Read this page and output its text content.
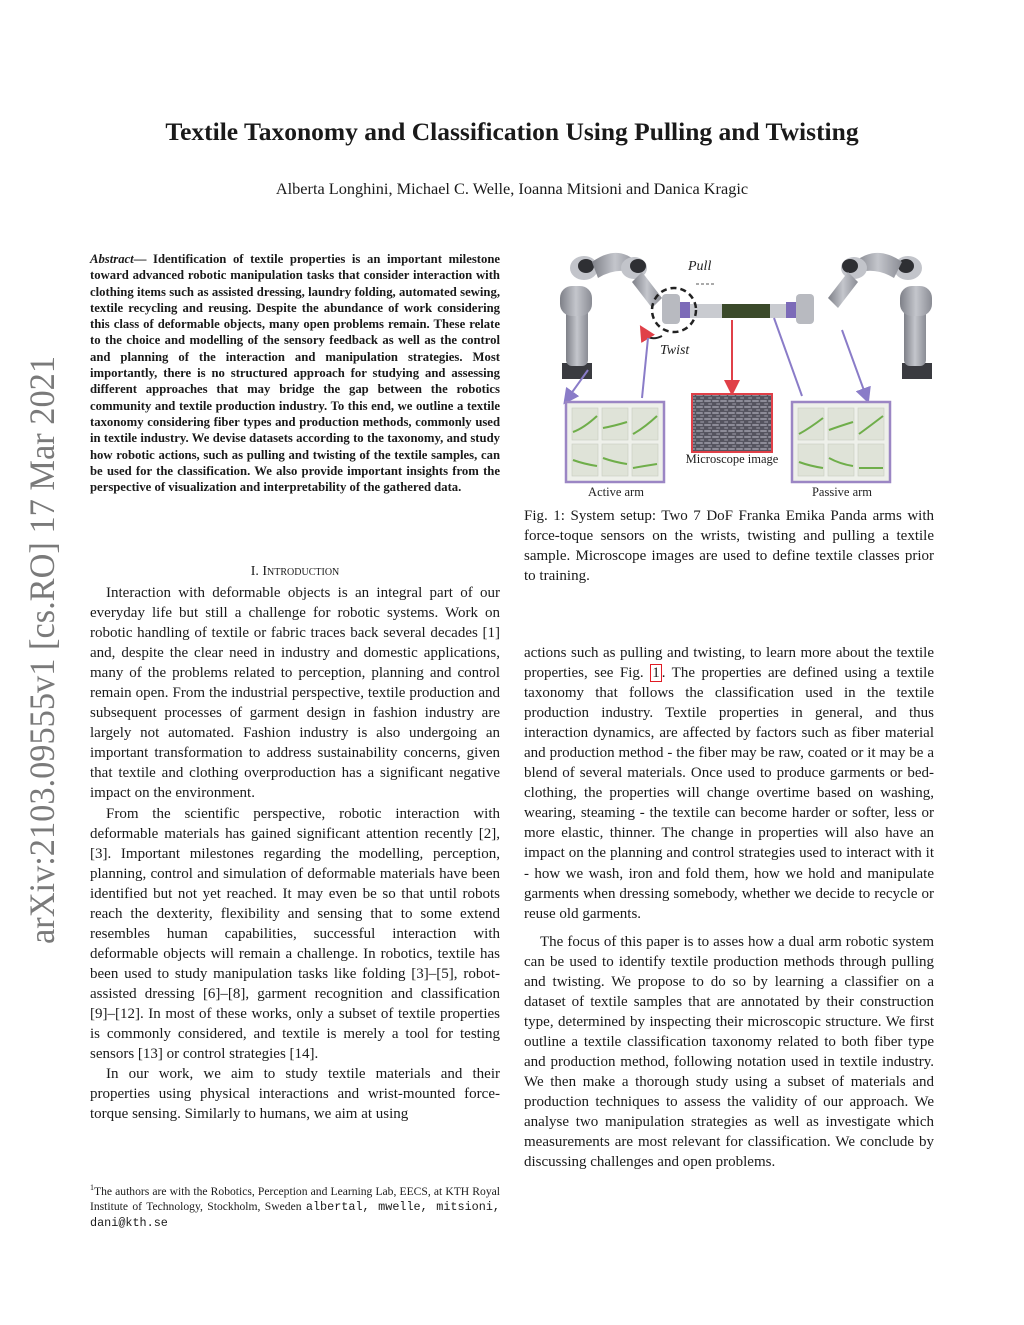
arXiv:2103.09555v1 [cs.RO] 17 Mar 2021
Textile Taxonomy and Classification Using Pulling and Twisting

Alberta Longhini, Michael C. Welle, Ioanna Mitsioni and Danica Kragic

Abstract— Identification of textile properties is an important milestone toward advanced robotic manipulation tasks that consider interaction with clothing items such as assisted dressing, laundry folding, automated sewing, textile recycling and reusing. Despite the abundance of work considering this class of deformable objects, many open problems remain. These relate to the choice and modelling of the sensory feedback as well as the control and planning of the interaction and manipulation strategies. Most importantly, there is no structured approach for studying and assessing different approaches that may bridge the gap between the robotics community and textile production industry. To this end, we outline a textile taxonomy considering fiber types and production methods, commonly used in textile industry. We devise datasets according to the taxonomy, and study how robotic actions, such as pulling and twisting of the textile samples, can be used for the classification. We also provide important insights from the perspective of visualization and interpretability of the gathered data.

I. Introduction

Interaction with deformable objects is an integral part of our everyday life but still a challenge for robotic systems. Work on robotic handling of textile or fabric traces back several decades [1] and, despite the clear need in industry and domestic applications, many of the problems related to perception, planning and control remain open. From the industrial perspective, textile production and subsequent processes of garment design in fashion industry are largely not automated. Fashion industry is also undergoing an important transformation to address sustainability concerns, given that textile and clothing overproduction has a significant negative impact on the environment.

From the scientific perspective, robotic interaction with deformable materials has gained significant attention recently [2], [3]. Important milestones regarding the modelling, perception, planning, control and simulation of deformable materials have been identified but not yet reached. It may even be so that until robots reach the dexterity, flexibility and sensing that to some extend resembles human capabilities, successful interaction with deformable objects will remain a challenge. In robotics, textile has been used to study manipulation tasks like folding [3]–[5], robot-assisted dressing [6]–[8], garment recognition and classification [9]–[12]. In most of these works, only a subset of textile properties is commonly considered, and textile is merely a tool for testing sensors [13] or control strategies [14].

In our work, we aim to study textile materials and their properties using physical interactions and wrist-mounted force-torque sensing. Similarly to humans, we aim at using

$^1$The authors are with the Robotics, Perception and Learning Lab, EECS, at KTH Royal Institute of Technology, Stockholm, Sweden albertal, mwelle, mitsioni, dani@kth.se

Twist
Pull
Microscope image
Active arm	Passive arm

Fig. 1: System setup: Two 7 DoF Franka Emika Panda arms with force-toque sensors on the wrists, twisting and pulling a textile sample. Microscope images are used to define textile classes prior to training.

actions such as pulling and twisting, to learn more about the textile properties, see Fig. 1 . The properties are defined using a textile taxonomy that follows the classification used in the textile production industry. Textile properties in general, and thus interaction dynamics, are affected by factors such as fiber material and production method - the fiber may be raw, coated or it may be a blend of several materials. Once used to produce garments or bed-clothing, the properties will change overtime based on washing, wearing, steaming - the textile can become harder or softer, less or more elastic, thinner. The change in properties will also have an impact on the planning and control strategies used to interact with it - how we wash, iron and fold them, how we hold and manipulate garments when dressing somebody, whether we decide to recycle or reuse old garments.

The focus of this paper is to asses how a dual arm robotic system can be used to identify textile production methods through pulling and twisting. We propose to do so by learning a classifier on a dataset of textile samples that are annotated by their construction type, determined by inspecting their microscopic structure. We first outline a textile classification taxonomy related to both fiber type and production method, following notation used in textile industry. We then make a thorough study using a subset of materials and production techniques to assess the validity of our approach. We analyse two manipulation strategies as well as investigate which measurements are most relevant for classification. We conclude by discussing challenges and open problems.
